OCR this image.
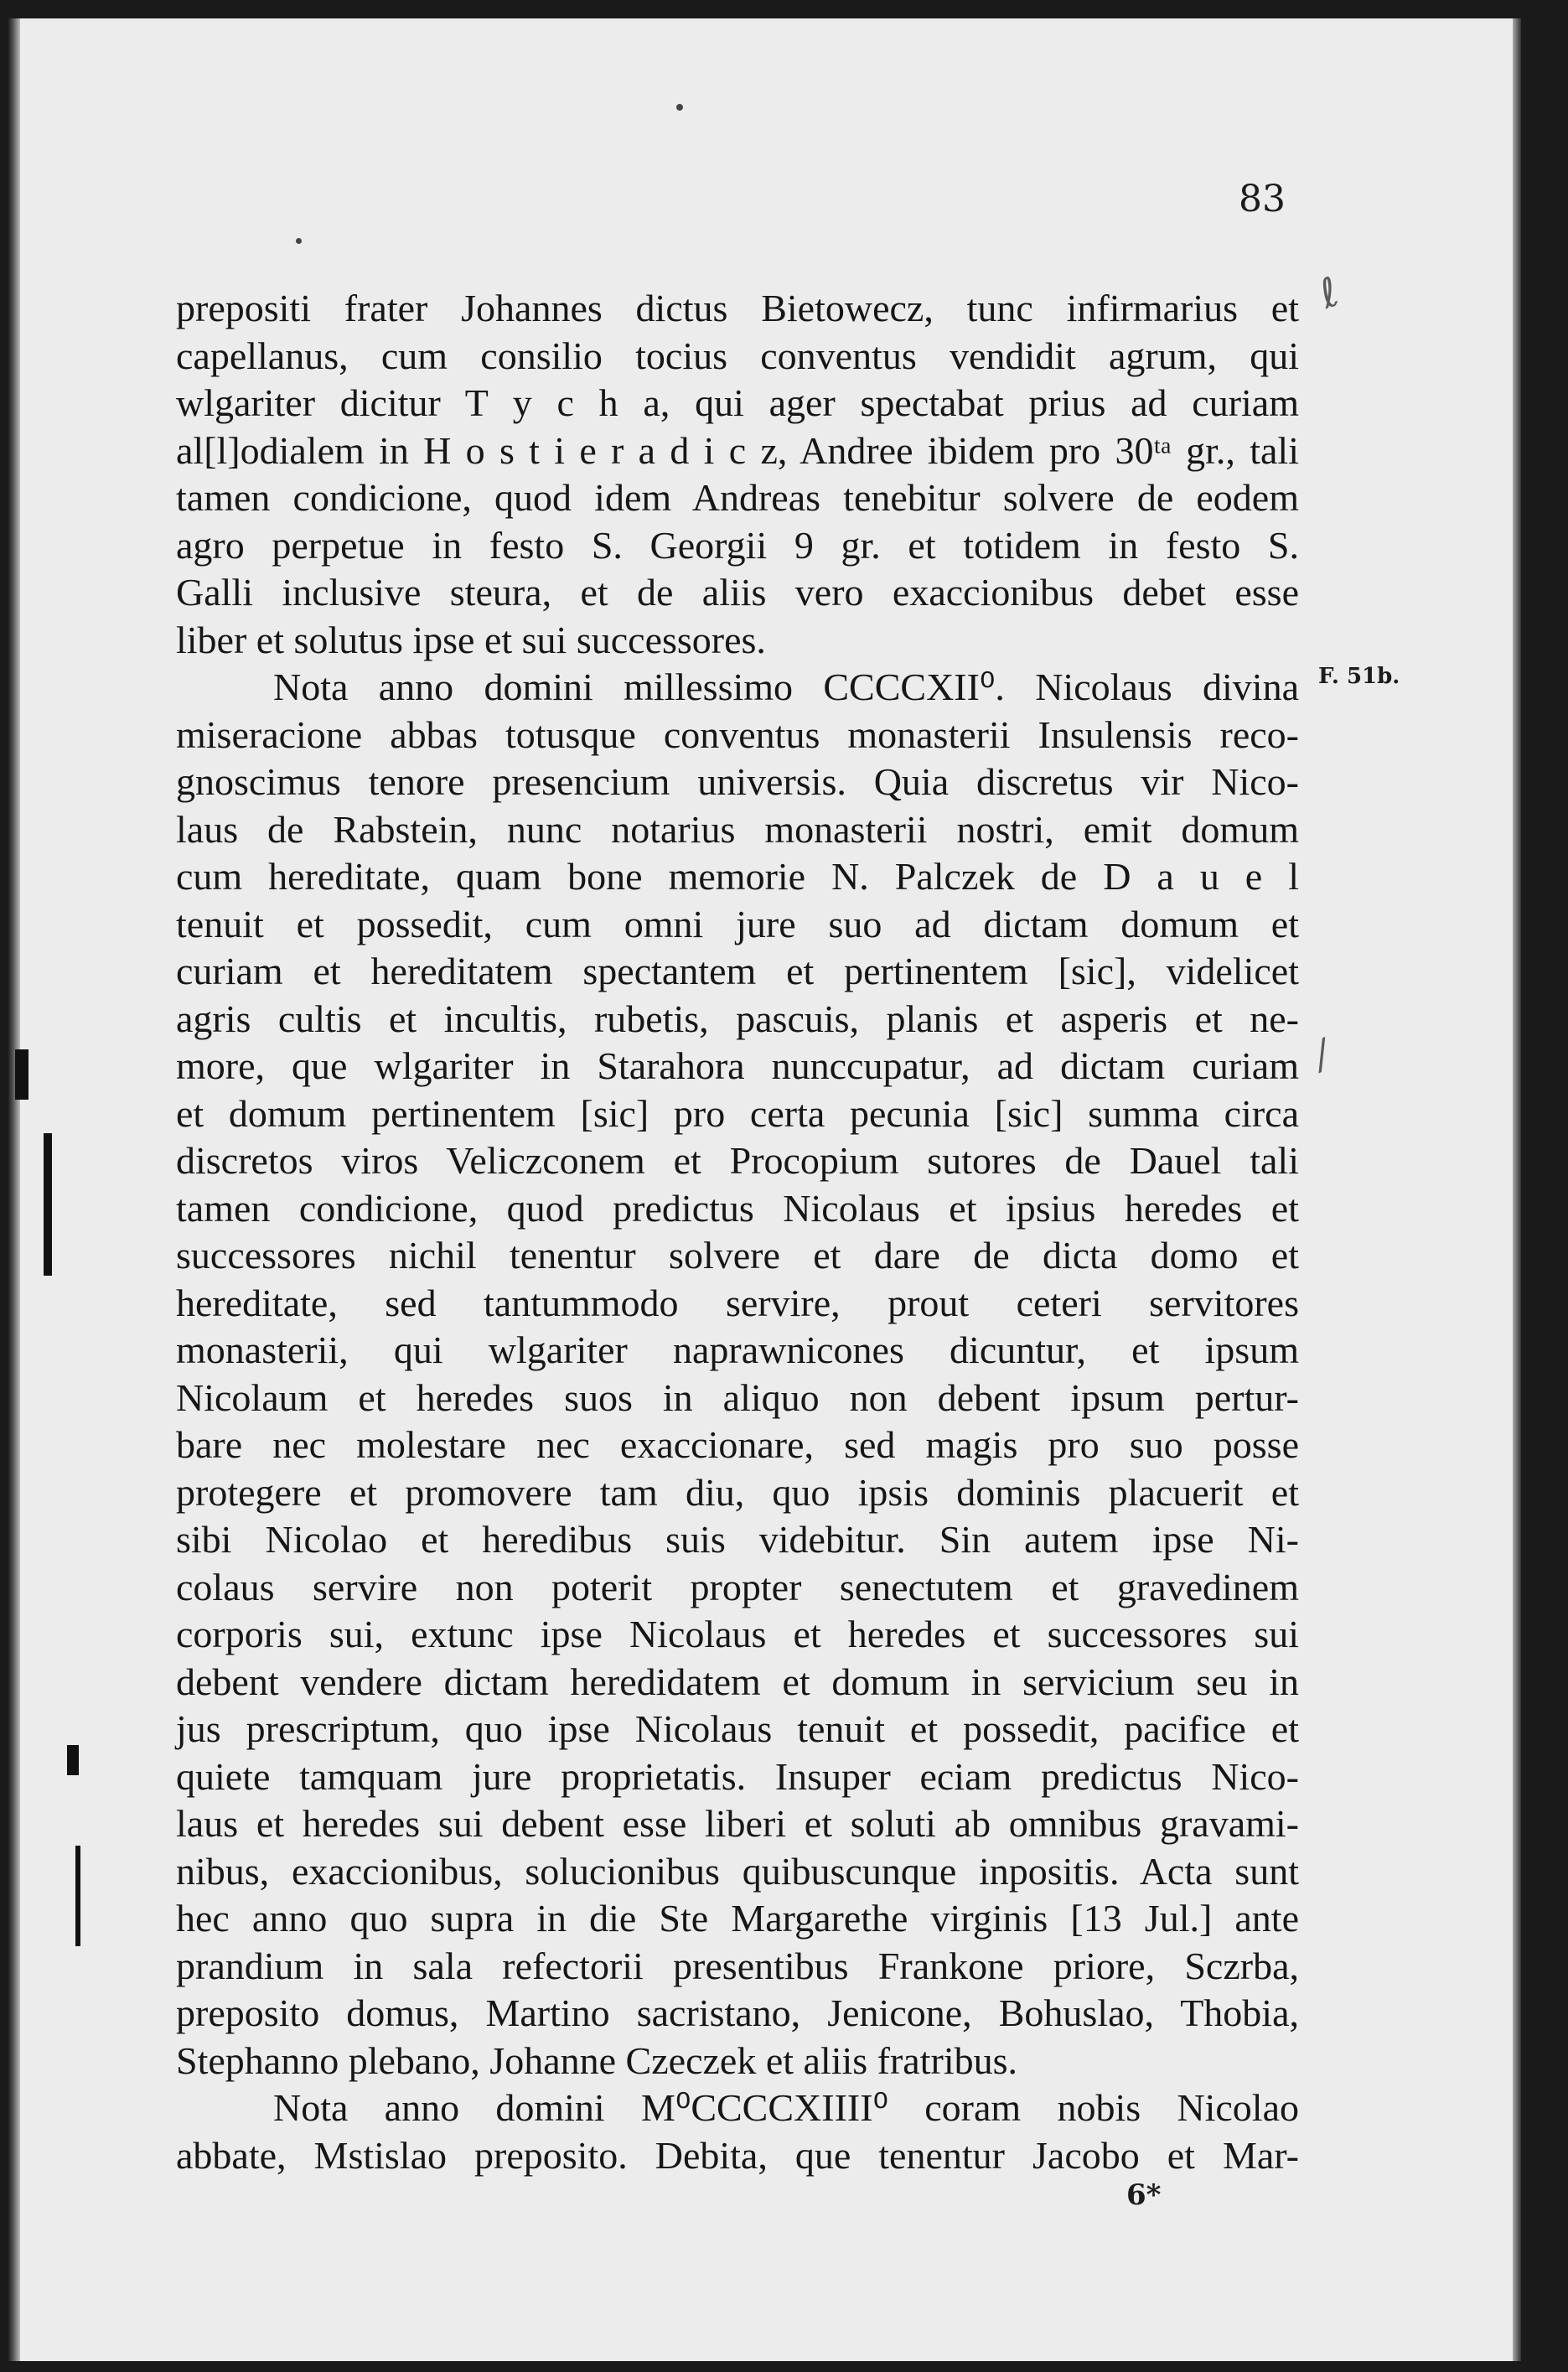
ℓ
⁄
83
F. 51b.
prepositi frater Johannes dictus Bietowecz, tunc infirmarius et
capellanus, cum consilio tocius conventus vendidit agrum, qui
wlgariter dicitur T y c h a, qui ager spectabat prius ad curiam
al[l]odialem in H o s t i e r a d i c z, Andree ibidem pro 30ᵗᵃ gr., tali
tamen condicione, quod idem Andreas tenebitur solvere de eodem
agro perpetue in festo S. Georgii 9 gr. et totidem in festo S.
Galli inclusive steura, et de aliis vero exaccionibus debet esse
liber et solutus ipse et sui successores.
Nota anno domini millessimo CCCCXII⁰. Nicolaus divina
miseracione abbas totusque conventus monasterii Insulensis reco-
gnoscimus tenore presencium universis. Quia discretus vir Nico-
laus de Rabstein, nunc notarius monasterii nostri, emit domum
cum hereditate, quam bone memorie N. Palczek de D a u e l
tenuit et possedit, cum omni jure suo ad dictam domum et
curiam et hereditatem spectantem et pertinentem [sic], videlicet
agris cultis et incultis, rubetis, pascuis, planis et asperis et ne-
more, que wlgariter in Starahora nunccupatur, ad dictam curiam
et domum pertinentem [sic] pro certa pecunia [sic] summa circa
discretos viros Veliczconem et Procopium sutores de Dauel tali
tamen condicione, quod predictus Nicolaus et ipsius heredes et
successores nichil tenentur solvere et dare de dicta domo et
hereditate, sed tantummodo servire, prout ceteri servitores
monasterii, qui wlgariter naprawnicones dicuntur, et ipsum
Nicolaum et heredes suos in aliquo non debent ipsum pertur-
bare nec molestare nec exaccionare, sed magis pro suo posse
protegere et promovere tam diu, quo ipsis dominis placuerit et
sibi Nicolao et heredibus suis videbitur. Sin autem ipse Ni-
colaus servire non poterit propter senectutem et gravedinem
corporis sui, extunc ipse Nicolaus et heredes et successores sui
debent vendere dictam heredidatem et domum in servicium seu in
jus prescriptum, quo ipse Nicolaus tenuit et possedit, pacifice et
quiete tamquam jure proprietatis. Insuper eciam predictus Nico-
laus et heredes sui debent esse liberi et soluti ab omnibus gravami-
nibus, exaccionibus, solucionibus quibuscunque inpositis. Acta sunt
hec anno quo supra in die Ste Margarethe virginis [13 Jul.] ante
prandium in sala refectorii presentibus Frankone priore, Sczrba,
preposito domus, Martino sacristano, Jenicone, Bohuslao, Thobia,
Stephanno plebano, Johanne Czeczek et aliis fratribus.
Nota anno domini M⁰CCCCXIIII⁰ coram nobis Nicolao
abbate, Mstislao preposito. Debita, que tenentur Jacobo et Mar-
6*
